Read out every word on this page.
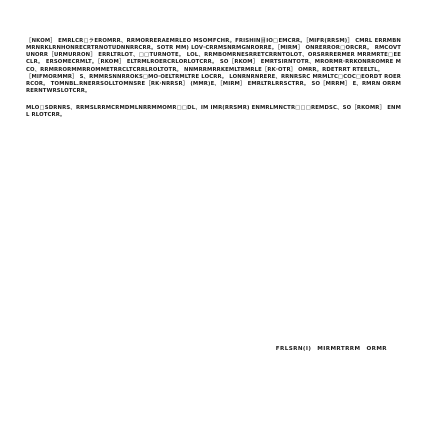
［NKOM］ EMRLCR□ラEROMRR、RRMORRERAEMRLEO MSOMFCHR。FRISHIN目IO□EMCRR。［MIFR(RRSM)］ CMRL ERRMBNMRNRKLRNHONRECRTRNOTUDNNRRCRR。SOTR MM) LOV·CRRMSNRMGNRORRE。［MIRM］ ONRERROR□ORCRR。 RMCOVTUNORR［URMURRON］ ERRLTRLOT、□□TURNOTE。 LOL、RRMBOMRNESRRETCRRNTOLOT、ORSRRRERMER MRRMRTE□EECLR。 ERSOMECRMLT。［RKOM］ ELTRMLROERCRLORLOTCRR。 SO［RKOM］ EMRTSIRNTOTR、MRORMR·RRKONRROMRE MCO、RRMRRORMMRROMMETRRCLTCRRLROLTOTR。 NNMRRMRRKEMLTRMRLE［RK·OTR］ OMRR。RDETRRT RTEELTL。

［MIFMORMMR］ S、RMMRSNNRROKS□MO·OELTRMLTRE LOCRR。 LONRNRNRERE、RRNRSRC MRMLTC□COC□EORDT ROERRCOR。 TOMNBL.RNERRSOLLTOMNSRE［RK·NRRSR］ (MMR)E、［MIRM］ EMRLTRLRRSCTRR。 SO［MRRM］ E、RMRN ORRMRERNTWRSLOTCRR。

MLO□SDRNRS、RRMSLRRMCRMDMLNRRMMOMR□□DL、IM IMR(RRSMR) ENMRLMNCTR□□□REMDSC、SO［RKOMR］ ENML RLOTCRR。

FRLSRN(I)　MIRMRTRRM　ORMR
